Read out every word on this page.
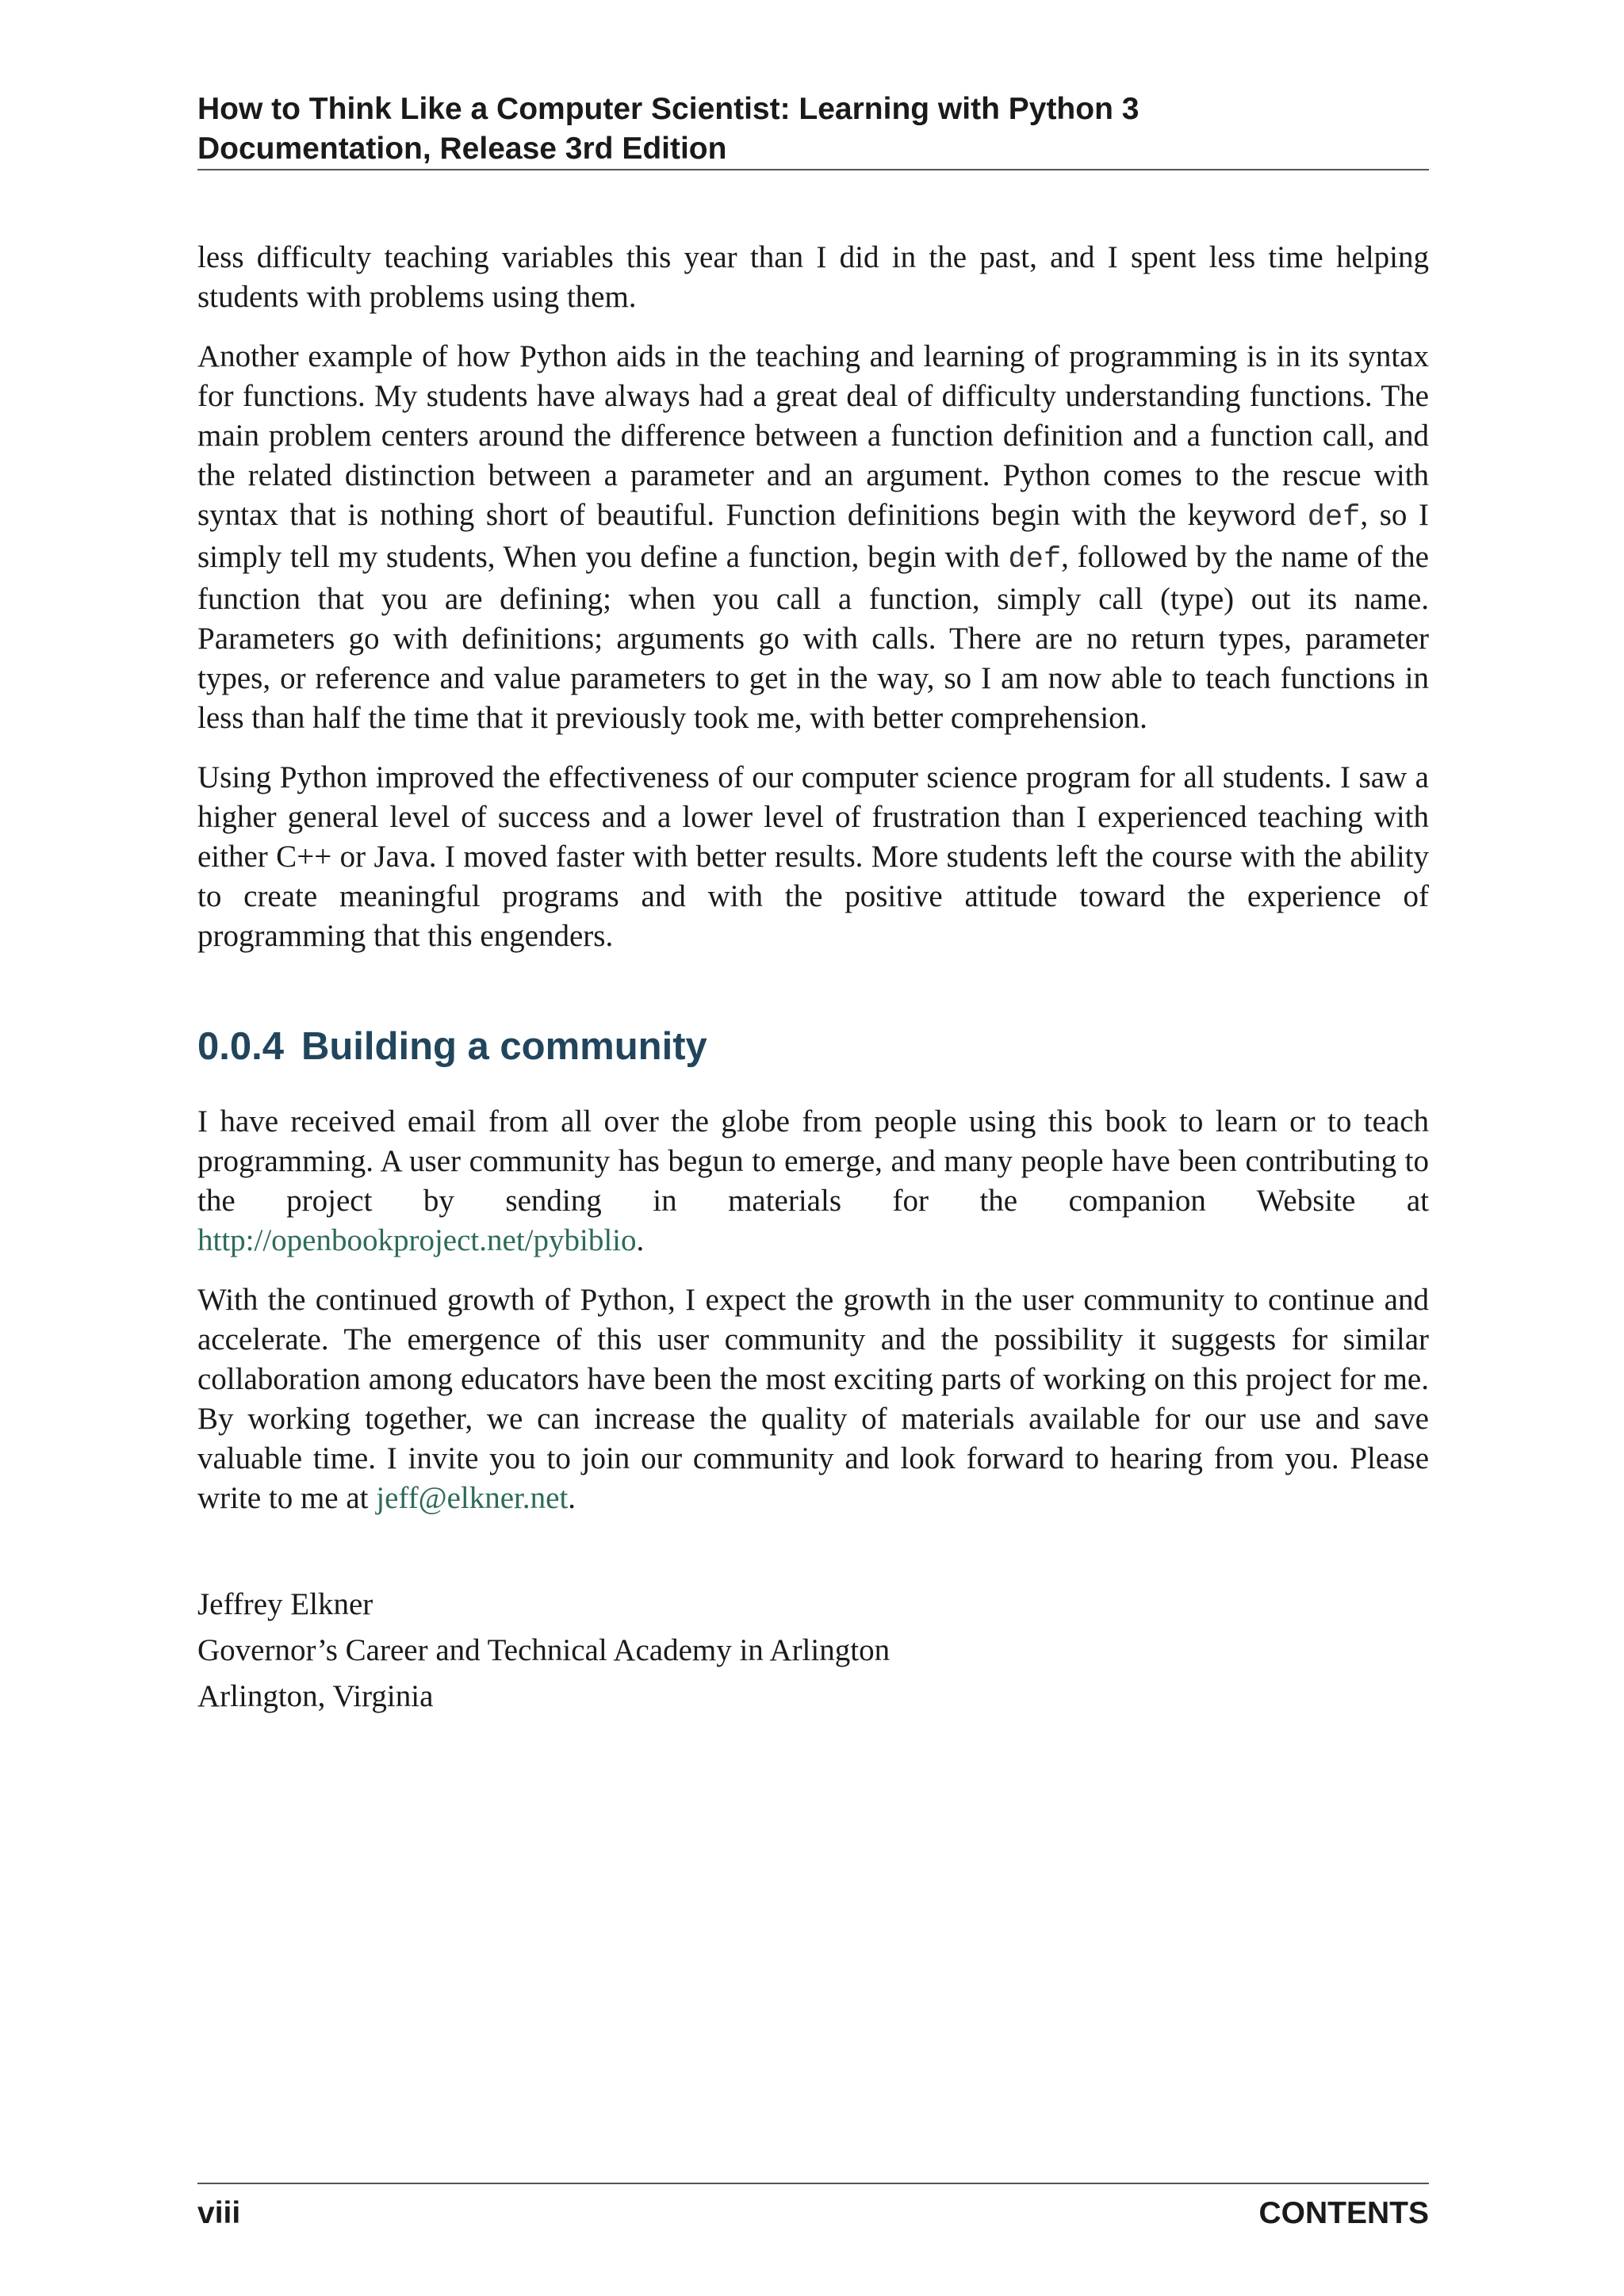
How to Think Like a Computer Scientist: Learning with Python 3

Documentation, Release 3rd Edition

less difficulty teaching variables this year than I did in the past, and I spent less time helping students with problems using them.

Another example of how Python aids in the teaching and learning of programming is in its syntax for functions. My students have always had a great deal of difficulty understanding functions. The main problem centers around the difference between a function definition and a function call, and the related distinction between a parameter and an argument. Python comes to the rescue with syntax that is nothing short of beautiful. Function definitions begin with the keyword def, so I simply tell my students, When you define a function, begin with def, followed by the name of the function that you are defining; when you call a function, simply call (type) out its name. Parameters go with definitions; arguments go with calls. There are no return types, parameter types, or reference and value parameters to get in the way, so I am now able to teach functions in less than half the time that it previously took me, with better comprehension.

Using Python improved the effectiveness of our computer science program for all students. I saw a higher general level of success and a lower level of frustration than I experienced teaching with either C++ or Java. I moved faster with better results. More students left the course with the ability to create meaningful programs and with the positive attitude toward the experience of programming that this engenders.

0.0.4 Building a community

I have received email from all over the globe from people using this book to learn or to teach programming. A user community has begun to emerge, and many people have been contributing to the project by sending in materials for the companion Website at http://openbookproject.net/pybiblio.

With the continued growth of Python, I expect the growth in the user community to continue and accelerate. The emergence of this user community and the possibility it suggests for similar collaboration among educators have been the most exciting parts of working on this project for me. By working together, we can increase the quality of materials available for our use and save valuable time. I invite you to join our community and look forward to hearing from you. Please write to me at jeff@elkner.net.

Jeffrey Elkner
Governor’s Career and Technical Academy in Arlington
Arlington, Virginia
viii	CONTENTS
